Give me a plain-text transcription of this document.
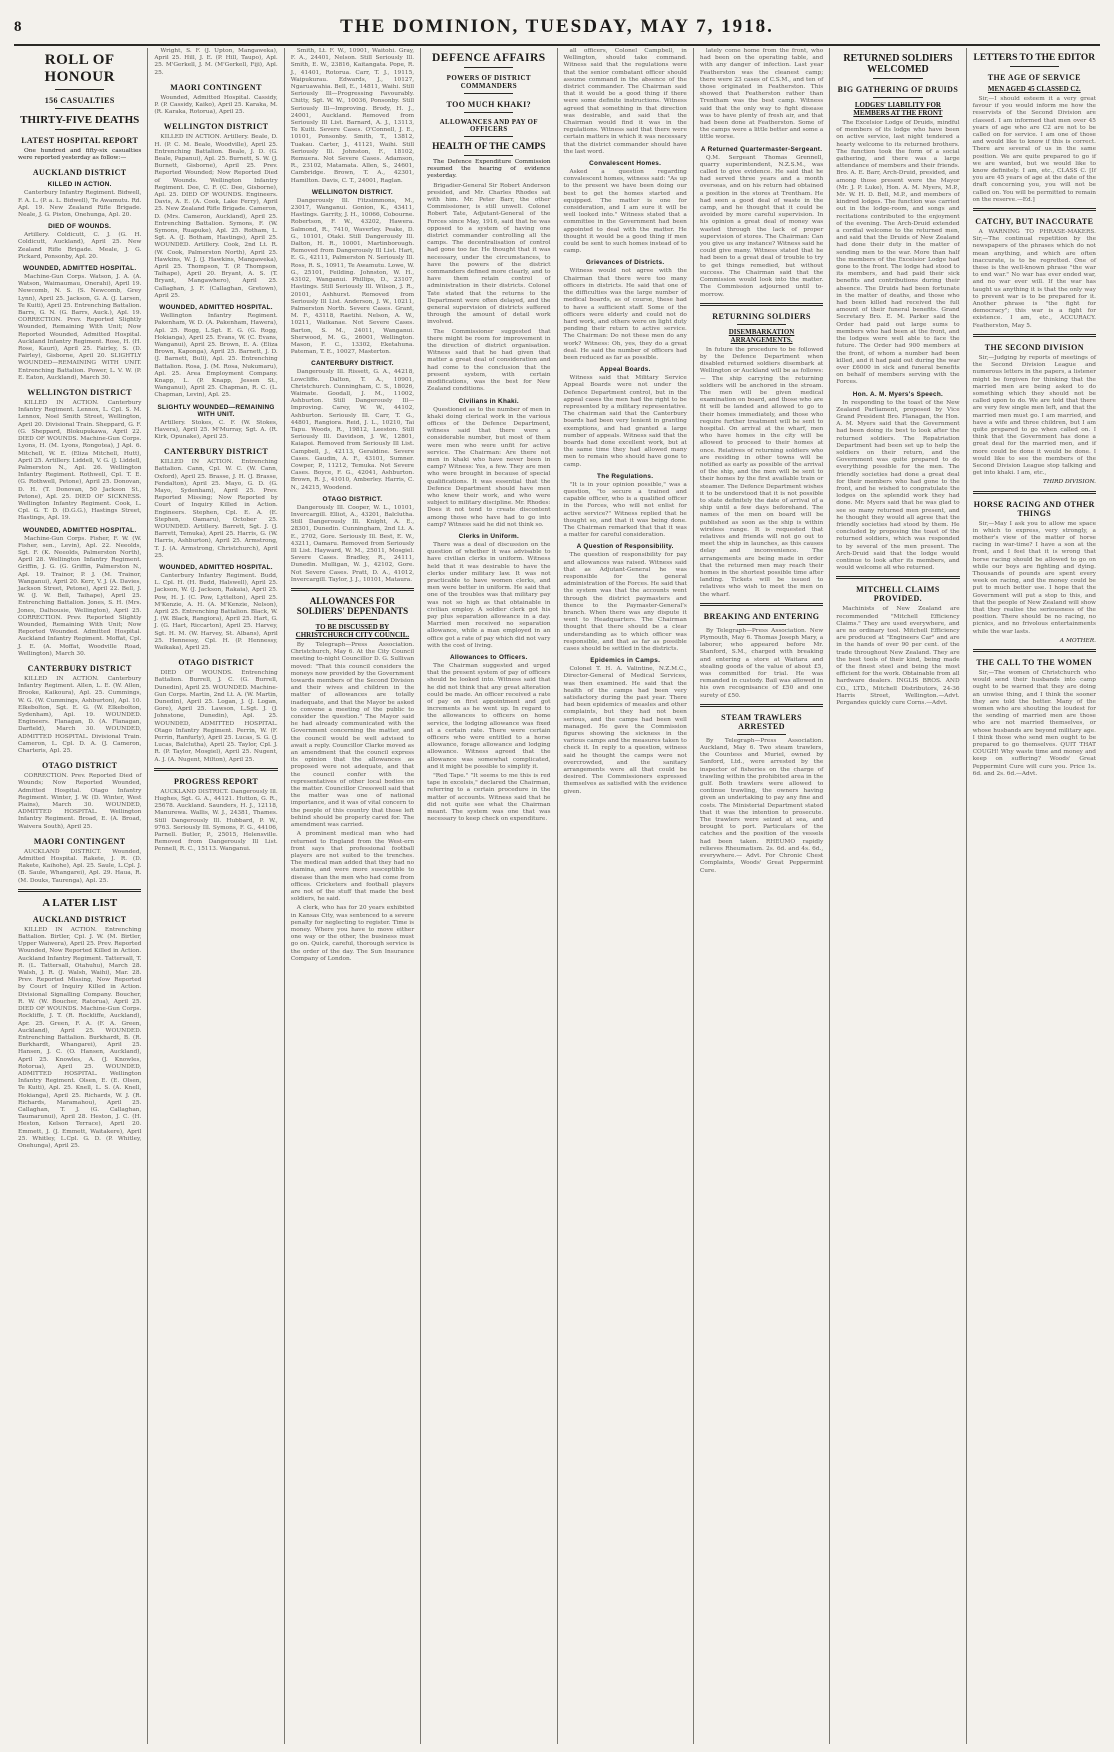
8	THE DOMINION, TUESDAY, MAY 7, 1918.
ROLL OF HONOUR
156 CASUALTIES
THIRTY-FIVE DEATHS
LATEST HOSPITAL REPORT

One hundred and fifty-six casualties were reported yesterday as follow:—

AUCKLAND DISTRICT
KILLED IN ACTION.

Canterbury Infantry Regiment. Bidwell, F. A. L. (P. a. L. Bidwell), Te Awamutu. Rd. Apl. 19. New Zealand Rifle Brigade. Neale, J. G. Piston, Onehunga, Apl. 20.

DIED OF WOUNDS.

Artillery. Coldicutt, C. J. (G. H. Coldicutt, Auckland), April 25. New Zealand Rifle Brigade. Meale, J. G. Pickard, Ponsonby, Apl. 20.

WOUNDED, ADMITTED HOSPITAL.

Machine-Gun Corps. Watson, J. A. (A. Watson, Waimaumau, Onerahi), April 19. Newcomb, N. S. (S. Newcomb, Grey Lynn), April 25. Jackson, G. A. (J. Larsen, Te Kuiti), April 25. Entrenching Battalion. Barrs, G. N. (G. Barrs, Auck.), Apl. 19. CORRECTION. Prev. Reported Slightly Wounded, Remaining With Unit; Now Reported Wounded, Admitted Hospital. Auckland Infantry Regiment. Rose, H. (H. Rose, Kauri), April 25. Fairley, S. (D. Fairley), Gisborne, April 20. SLIGHTLY WOUNDED—REMAINING WITH UNIT. Entrenching Battalion. Power, L. V. W. (P. E. Eaton, Auckland), March 30.

WELLINGTON DISTRICT

KILLED IN ACTION. Canterbury Infantry Regiment. Lennox, L. Cpl. S. M. Lennox, Noel Smith Street, Wellington, April 20. Divisional Train. Sheppard, G. F. (G. Sheppard, Blokupukawa, April 22. DIED OF WOUNDS. Machine-Gun Corps. Lyons, H. (M. Lyons, Rongotea), J Apl. 6. Mitchell, W. E. (Eliza Mitchell, Hutt), April 25. Artillery. Liddell, V. G. (J. Liddell, Palmerston N., Apl. 26. Wellington Infantry Regiment. Rothwell, Cpl. T. E. (G. Rothwell, Petone), April 25. Donovan, D. H. (T. Donovan, 50 Jackson St., Petone), Apl. 25. DIED OF SICKNESS. Wellington Infantry Regiment. Cook, L. Cpl. G. T. D. (D.G.G.), Hastings Street, Hastings, Apl. 19.

WOUNDED, ADMITTED HOSPITAL.

Machine-Gun Corps. Fisher, F. W. (W. Fisher, sen., Levin), Apl. 22. Neeolds, Sgt. F. (K. Neeolds, Palmerston North), April 28. Wellington Infantry Regiment. Griffin, J. G. (G. Griffin, Palmerston N., Apl. 19. Trainor, P. J. (M. Trainor, Wanganui), April 20. Kerr, V. J. (A. Davies, Jackson Street, Petone), April 22. Bell, J. W. (J. W. Bell, Taihape), April 25. Entrenching Battalion. Jones, S. H. (Mrs. Jones, Dalhousie, Wellington), April 25. CORRECTION. Prev. Reported Slightly Wounded, Remaining With Unit; Now Reported Wounded. Admitted Hospital. Auckland Infantry Regiment. Moffat, Cpl. J. E. (A. Moffat, Woodville Road, Wellington), March 30.

CANTERBURY DISTRICT

KILLED IN ACTION. Canterbury Infantry Regiment. Allen, L. E. (W. Allen, Brooke, Kaikoura), Apl. 25. Cummings, W. G. (W. Cummings, Ashburton), Apl. 10. Elkebolton, Sgt. E. G. (W. Elkebolton, Sydenham), Apl. 19. WOUNDED. Engineers. Flanagan, D. (A. Flanagan, Darfield), March 30. WOUNDED, ADMITTED HOSPITAL. Divisional Train. Cameron, L. Cpl. D. A. (J. Cameron, Charteris, Apl. 25.

OTAGO DISTRICT

CORRECTION. Prev. Reported Died of Wounds; Now Reported Wounded, Admitted Hospital. Otago Infantry Regiment. Winter, J. W. (D. Winter, West Plains), March 30. WOUNDED, ADMITTED HOSPITAL. Wellington Infantry Regiment. Broad, E. (A. Broad, Waivera South), April 25.

MAORI CONTINGENT

AUCKLAND DISTRICT. Wounded, Admitted Hospital. Rakete, J. R. (D. Rakete, Kaihohe), Apl. 25. Saule, L.Cpl. J. (B. Saule, Whangarei), Apl. 29. Haua, R. (M. Douks, Taurenga), Apl. 25.

A LATER LIST
AUCKLAND DISTRICT

KILLED IN ACTION. Entrenching Battalion. Birtler, Cpl. J. W. (M. Birtler, Upper Waiwera), April 25. Prev. Reported Wounded, Now Reported Killed in Action. Auckland Infantry Regiment. Tattersall, T. R. (L. Tattersall, Otahuhu), March 28. Walsh, J. R. (J. Walsh, Waihi), Mar. 28. Prev. Reported Missing, Now Reported by Court of Inquiry Killed in Action. Divisional Signalling Company. Boucher, R. W. (W. Boucher, Ratorua), April 25. DIED OF WOUNDS. Machine-Gun Corps. Rockliffe, J. T. (R. Rockliffe, Auckland), Apr. 25. Green, F. A. (F. A. Green, Auckland), April 25. WOUNDED. Entrenching Battalion. Burkhardt, B. (R. Burkhardt, Whangarei), April 25. Hansen, J. C. (O. Hansen, Auckland), April 25. Knowles, A. (J. Knowles, Rotorua), April 25. WOUNDED, ADMITTED HOSPITAL. Wellington Infantry Regiment. Olsen, E. (E. Olsen, Te Kuiti), Apl. 25. Knell, L. S. (A. Knell, Hokianga), April 25. Richards, W. J. (R. Richards, Maramahou), April 25. Callaghan, T. J. (G. Callaghan, Taumarunui), April 28. Heston, J. C. (H. Heston, Kelson Terrace), April 20. Emmett, J. (J. Emmett, Waitakere), April 25. Whitley, L.Cpl. G. D. (P. Whitley, Onehunga), April 25.

Wright, S. F. (J. Upton, Mangaweka), April 25. Hill, J. E. (P. Hill, Taupo), Apl. 25. M'Gerkell, J. M. (M'Gerkell, Fiji), Apl. 25.

MAORI CONTINGENT

Wounded, Admitted Hospital. Cassidy, P. (P. Cassidy, Kaiko), April 25. Karaka, M. (R. Karaka, Rotorua), April 25.

WELLINGTON DISTRICT

KILLED IN ACTION. Artillery. Beale, D. H. (P. C. M. Beale, Woodville), April 25. Entrenching Battalion. Beale, J. D. (G. Beale, Papanui), Apl. 25. Burnett, S. W. (J. Burnett, Gisborne), April 25. Prev. Reported Wounded; Now Reported Died of Wounds. Wellington Infantry Regiment. Dee, C. F. (C. Dee, Gisborne), Apl. 25. DIED OF WOUNDS. Engineers. Davis, A. E. (A. Cook, Lake Ferry), April 25. New Zealand Rifle Brigade. Cameron, D. (Mrs. Cameron, Auckland), April 25. Entrenching Battalion. Symons, F. (W. Symons, Ruapuke), Apl. 25. Rotham, L. Sgt. A. (J. Botham, Hastings), April 25. WOUNDED. Artillery. Cook, 2nd Lt. R. (W. Cook, Palmerston North), April 25. Hawkins, W. J. (J. Hawkins, Mangaweka), April 25. Thompson, T. (P. Thompson, Taihape), April 20. Bryant, A. S. (T. Bryant, Mangawhero), April 25. Callaghan, J. F. (Callaghan, Gretown), April 25.

WOUNDED, ADMITTED HOSPITAL.

Wellington Infantry Regiment. Pakenham, W. D. (A. Pakenham, Hawera), Apl. 25. Rogg, L.Sgt. E. G. (G. Rogg, Hokianga), April 25. Evans, W. (C. Evans, Wanganui), April 25. Brown, E. A. (Eliza Brown, Kaponga), April 25. Barnett, J. D. (J. Barnett, Bull), Apl. 25. Entrenching Battalion. Rosa, J. (M. Rosa, Nukumaru), Apl. 25. Area Employment Company. Knapp, L. (P. Knapp, Jessen St., Wanganui), April 25. Chapman, R. C. (L. Chapman, Levin), Apl. 25.

SLIGHTLY WOUNDED—REMAINING WITH UNIT.

Artillery. Stokes, C. F. (W. Stokes, Havera), April 25. M'Murray, Sgt. A. (R. Kirk, Opunake), April 25.

CANTERBURY DISTRICT

KILLED IN ACTION. Entrenching Battalion. Cann, Cpl. W. C. (W. Cann, Oxford), April 25. Brasse, J. H. (J. Brasse, Fendalton), April 25. Mayo, G. D. (G. Mayo, Sydenham), April 25. Prev. Reported Missing; Now Reported by Court of Inquiry Killed in Action. Engineers. Stephen, Cpl. E. A. (E. Stephen, Oamaru), October 25. WOUNDED. Artillery. Barrett, Sgt. J. (J. Barrett, Temuka), April 25. Harris, G. (W. Harris, Ashburton), April 25. Armstrong, T. J. (A. Armstrong, Christchurch), April 25.

WOUNDED, ADMITTED HOSPITAL.

Canterbury Infantry Regiment. Budd, L. Cpl. H. (H. Budd, Halswell), April 25. Jackson, W. (J. Jackson, Rakaia), April 25. Pow, H. J. (C. Pow, Lyttelton), April 25. M'Kenzie, A. H. (A. M'Kenzie, Nelson), April 25. Entrenching Battalion. Black, W. J. (W. Black, Rangiora), April 25. Hart, G. J. (G. Hart, Riccarton), April 25. Harvey, Sgt. H. M. (W. Harvey, St. Albans), April 25. Hennessy, Cpl. H. (P. Hennessy, Waikaka), April 25.

OTAGO DISTRICT

DIED OF WOUNDS. Entrenching Battalion. Burrell, J. C. (G. Burrell, Dunedin), April 25. WOUNDED. Machine-Gun Corps. Martin, 2nd Lt. A. (W. Martin, Dunedin), April 25. Logan, J. (J. Logan, Gore), April 25. Lawson, L.Sgt. J. (J. Johnstone, Dunedin), Apl. 25. WOUNDED, ADMITTED HOSPITAL. Otago Infantry Regiment. Perrin, W. (F. Perrin, Ranfurly), April 25. Lucas, S. G. (J. Lucas, Balclutha), April 25. Taylor, Cpl. J. R. (P. Taylor, Mosgiel), April 25. Nugent, A. J. (A. Nugent, Milton), April 25.

PROGRESS REPORT

AUCKLAND DISTRICT. Dangerously Ill. Hughes, Sgt. G. A., 44121. Hutton, G. R., 25678. Auckland. Saunders, H. J., 12118, Manurewa. Wallis, W. J., 24381, Thames. Still Dangerously Ill. Hubbard, P. W., 9763. Seriously Ill. Symons, F. G., 44106, Parnell. Butler, P., 25015, Helensville. Removed from Dangerously Ill List. Pennell, R. C., 15113. Wanganui.

Smith, Lt. F. W., 10901, Waitohi. Gray, F. A., 24401, Nelson. Still Seriously Ill. Smith, E. W., 23816, Kaitangata. Pope, R. J., 41401, Rotorua. Carr, T. J., 19115, Waipukurau. Edwards, J., 10127, Ngaruawahia. Bell, E., 14811, Waihi. Still Seriously Ill—Progressing Favourably. Chitty, Sgt. W. W., 10036, Ponsonby. Still Seriously Ill—Improving. Brody, H. J., 24001, Auckland. Removed from Seriously Ill List. Barnard, A. J., 13113, Te Kuiti. Severe Cases. O'Connell, J. E., 10101, Ponsonby. Smith, T., 13812, Tuakau. Carter, J., 41121, Waihi. Still Seriously Ill. Johnston, F., 18102, Remuera. Not Severe Cases. Adamson, R., 23102, Matamata. Allen, S., 24601, Cambridge. Brown, T. A., 42301, Hamilton. Davis, C. T., 24001, Raglan.

WELLINGTON DISTRICT.

Dangerously Ill. Fitzsimmons, M., 23017, Wanganui. Gonion, K., 43411, Hastings. Garrity, J. H., 10066, Cobourne. Robertson, F. W., 43202, Hawera. Salmond, R., 7410, Waverley. Peake, D. G., 10101, Otaki. Still Dangerously Ill. Dalton, H. R., 10001, Martinborough. Removed from Dangerously Ill List. Hart, E. G., 42111, Palmerston N. Seriously Ill. Ross, R. S., 10911, Te Awamutu. Lowe, W. G., 25101, Feilding. Johnston, W. H., 43102, Wanganui. Phillips, D., 23107, Hastings. Still Seriously Ill. Wilson, J. R., 20101, Ashhurst. Removed from Seriously Ill List. Anderson, J. W., 10211, Palmerston North. Severe Cases. Grant, M. F., 43118, Raetihi. Nelson, A. W., 10211, Waikanae. Not Severe Cases. Barton, S. M., 24011, Wanganui. Sherwood, M. G., 26001, Wellington. Mason, F. C., 13302, Eketahuna. Pateman, T. E., 10027, Masterton.

CANTERBURY DISTRICT.

Dangerously Ill. Rissett, G. A., 44218, Lowcliffe. Dalton, T. A., 10901, Christchurch. Cunningham, C. S., 18026, Waimate. Goodall, J. M., 11002, Ashburton. Still Dangerously Ill—Improving. Carey, W. W., 44102, Ashburton. Seriously Ill. Carr, T. G., 44801, Rangiora. Reid, J. L., 10210, Tai Tapu. Woods, R., 19812, Leeston. Still Seriously Ill. Davidson, J. W., 12801, Kaiapoi. Removed from Seriously Ill List. Campbell, J., 42113, Geraldine. Severe Cases. Gaudin, A. F., 43101, Sumner. Cowper, P., 11212, Temuka. Not Severe Cases. Boyce, F. G., 42041, Ashburton. Brown, R. J., 41010, Amberley. Harris, C. N., 24215, Woodend.

OTAGO DISTRICT.

Dangerously Ill. Cooper, W. L., 10101, Invercargill. Elliot, A., 43201, Balclutha. Still Dangerously Ill. Knight, A. E., 28301, Dunedin. Cunningham, 2nd Lt. A. E., 2702, Gore. Seriously Ill. Best, E. W., 43211, Oamaru. Removed from Seriously Ill List. Hayward, W. M., 25011, Mosgiel. Severe Cases. Bradley, R., 24111, Dunedin. Mulligan, W. J., 42102, Gore. Not Severe Cases. Pratt, D. A., 41012, Invercargill. Taylor, J. J., 10101, Mataura.

ALLOWANCES FOR SOLDIERS' DEPENDANTS
TO BE DISCUSSED BY CHRISTCHURCH CITY COUNCIL.

By Telegraph—Press Association. Christchurch, May 6. At the City Council meeting to-night Councillor D. G. Sullivan moved: "That this council considers the moneys now provided by the Government towards members of the Second Division and their wives and children in the matter of allowances are totally inadequate, and that the Mayor be asked to convene a meeting of the public to consider the question." The Mayor said he had already communicated with the Government concerning the matter, and the council would be well advised to await a reply. Councillor Clarke moved as an amendment that the council express its opinion that the allowances as proposed were not adequate, and that the council confer with the representatives of other local bodies on the matter. Councillor Cresswell said that the matter was one of national importance, and it was of vital concern to the people of this country that those left behind should be properly cared for. The amendment was carried.

A prominent medical man who had returned to England from the West-ern front says that professional football players are not suited to the trenches. The medical man added that they had no stamina, and were more susceptible to disease than the men who had come from offices. Cricketers and football players are not of the stuff that made the best soldiers, he said.

A clerk, who has for 20 years exhibited in Kansas City, was sentenced to a severe penalty for neglecting to register. Time is money. Where you have to move either one way or the other, the business must go on. Quick, careful, thorough service is the order of the day. The Sun Insurance Company of London.

DEFENCE AFFAIRS
POWERS OF DISTRICT COMMANDERS
TOO MUCH KHAKI?
ALLOWANCES AND PAY OF OFFICERS
HEALTH OF THE CAMPS

The Defence Expenditure Commission resumed the hearing of evidence yesterday.

Brigadier-General Sir Robert Anderson presided, and Mr. Charles Rhodes sat with him. Mr. Peter Barr, the other Commissioner, is still unwell. Colonel Robert Tate, Adjutant-General of the Forces since May, 1916, said that he was opposed to a system of having one district commander controlling all the camps. The decentralisation of control had gone too far. He thought that it was necessary, under the circumstances, to have the powers of the district commanders defined more clearly, and to have them retain control of administration in their districts. Colonel Tate stated that the returns to the Department were often delayed, and the general supervision of districts suffered through the amount of detail work involved.

The Commissioner suggested that there might be room for improvement in the direction of district organisation. Witness said that he had given that matter a great deal of consideration and had come to the conclusion that the present system, with certain modifications, was the best for New Zealand conditions.

Civilians in Khaki.

Questioned as to the number of men in khaki doing clerical work in the various offices of the Defence Department, witness said that there were a considerable number, but most of them were men who were unfit for active service. The Chairman: Are there not men in khaki who have never been in camp? Witness: Yes, a few. They are men who were brought in because of special qualifications. It was essential that the Defence Department should have men who knew their work, and who were subject to military discipline. Mr. Rhodes: Does it not tend to create discontent among those who have had to go into camp? Witness said he did not think so.

Clerks in Uniform.

There was a deal of discussion on the question of whether it was advisable to have civilian clerks in uniform. Witness held that it was desirable to have the clerks under military law. It was not practicable to have women clerks, and men were better in uniform. He said that one of the troubles was that military pay was not so high as that obtainable in civilian employ. A soldier clerk got his pay plus separation allowance in a day. Married men received no separation allowance, while a man employed in an office got a rate of pay which did not vary with the cost of living.

Allowances to Officers.

The Chairman suggested and urged that the present system of pay of officers should be looked into. Witness said that he did not think that any great alteration could be made. An officer received a rate of pay on first appointment and got increments as he went up. In regard to the allowances to officers on home service, the lodging allowance was fixed at a certain rate. There were certain officers who were entitled to a horse allowance, forage allowance and lodging allowance. Witness agreed that the allowance was somewhat complicated, and it might be possible to simplify it.

"Red Tape." "It seems to me this is red tape in excelsis," declared the Chairman, referring to a certain procedure in the matter of accounts. Witness said that he did not quite see what the Chairman meant. The system was one that was necessary to keep check on expenditure.

all officers, Colonel Campbell, in Wellington, should take command. Witness said that the regulations were that the senior combatant officer should assume command in the absence of the district commander. The Chairman said that it would be a good thing if there were some definite instructions. Witness agreed that something in that direction was desirable, and said that the Chairman would find it was in the regulations. Witness said that there were certain matters in which it was necessary that the district commander should have the last word.

Convalescent Homes.

Asked a question regarding convalescent homes, witness said: "As up to the present we have been doing our best to get the homes started and equipped. The matter is one for consideration, and I am sure it will be well looked into." Witness stated that a committee in the Government had been appointed to deal with the matter. He thought it would be a good thing if men could be sent to such homes instead of to camp.

Grievances of Districts.

Witness would not agree with the Chairman that there were too many officers in districts. He said that one of the difficulties was the large number of medical boards, as of course, these had to have a sufficient staff. Some of the officers were elderly and could not do hard work, and others were on light duty pending their return to active service. The Chairman: Do not these men do any work? Witness: Oh, yes, they do a great deal. He said the number of officers had been reduced as far as possible.

Appeal Boards.

Witness said that Military Service Appeal Boards were not under the Defence Department control, but in the appeal cases the men had the right to be represented by a military representative. The chairman said that the Canterbury boards had been very lenient in granting exemptions, and had granted a large number of appeals. Witness said that the boards had done excellent work, but at the same time they had allowed many men to remain who should have gone to camp.

The Regulations.

"It is in your opinion possible," was a question, "to secure a trained and capable officer, who is a qualified officer in the Forces, who will not enlist for active service?" Witness replied that he thought so, and that it was being done. The Chairman remarked that that it was a matter for careful consideration.

A Question of Responsibility.

The question of responsibility for pay and allowances was raised. Witness said that as Adjutant-General he was responsible for the general administration of the Forces. He said that the system was that the accounts went through the district paymasters and thence to the Paymaster-General's branch. When there was any dispute it went to Headquarters. The Chairman thought that there should be a clear understanding as to which officer was responsible, and that as far as possible cases should be settled in the districts.

Epidemics in Camps.

Colonel T. H. A. Valintine, N.Z.M.C., Director-General of Medical Services, was then examined. He said that the health of the camps had been very satisfactory during the past year. There had been epidemics of measles and other complaints, but they had not been serious, and the camps had been well managed. He gave the Commission figures showing the sickness in the various camps and the measures taken to check it. In reply to a question, witness said he thought the camps were not overcrowded, and the sanitary arrangements were all that could be desired. The Commissioners expressed themselves as satisfied with the evidence given.

lately come home from the front, who had been on the operating table, and with any danger of infection. Last year Featherston was the cleanest camp; there were 23 cases of C.S.M., and ten of those originated in Featherston. This showed that Featherston rather than Trentham was the best camp. Witness said that the only way to fight disease was to have plenty of fresh air, and that had been done at Featherston. Some of the camps were a little better and some a little worse.

A Returned Quartermaster-Sergeant.

Q.M. Sergeant Thomas Grennell, quarry superintendent, N.Z.S.M., was called to give evidence. He said that he had served three years and a month overseas, and on his return had obtained a position in the stores at Trentham. He had seen a good deal of waste in the camp, and he thought that it could be avoided by more careful supervision. In his opinion a great deal of money was wasted through the lack of proper supervision of stores. The Chairman: Can you give us any instance? Witness said he could give many. Witness stated that he had been to a great deal of trouble to try to get things remedied, but without success. The Chairman said that the Commission would look into the matter. The Commission adjourned until to-morrow.

RETURNING SOLDIERS
DISEMBARKATION ARRANGEMENTS.

In future the procedure to be followed by the Defence Department when disabled returned soldiers disembark at Wellington or Auckland will be as follows:— The ship carrying the returning soldiers will be anchored in the stream. The men will be given medical examination on board, and those who are fit will be landed and allowed to go to their homes immediately, and those who require further treatment will be sent to hospital. On arrival at the wharf, men who have homes in the city will be allowed to proceed to their homes at once. Relatives of returning soldiers who are residing in other towns will be notified as early as possible of the arrival of the ship, and the men will be sent to their homes by the first available train or steamer. The Defence Department wishes it to be understood that it is not possible to state definitely the date of arrival of a ship until a few days beforehand. The names of the men on board will be published as soon as the ship is within wireless range. It is requested that relatives and friends will not go out to meet the ship in launches, as this causes delay and inconvenience. The arrangements are being made in order that the returned men may reach their homes in the shortest possible time after landing. Tickets will be issued to relatives who wish to meet the men on the wharf.

BREAKING AND ENTERING

By Telegraph—Press Association. New Plymouth, May 6. Thomas Joseph Mary, a laborer, who appeared before Mr. Stanford, S.M., charged with breaking and entering a store at Waitara and stealing goods of the value of about £5, was committed for trial. He was remanded in custody. Bail was allowed in his own recognisance of £50 and one surety of £50.

STEAM TRAWLERS ARRESTED

By Telegraph—Press Association. Auckland, May 6. Two steam trawlers, the Countess and Muriel, owned by Sanford, Ltd., were arrested by the inspector of fisheries on the charge of trawling within the prohibited area in the gulf. Both trawlers were allowed to continue trawling, the owners having given an undertaking to pay any fine and costs. The Ministerial Department stated that it was the intention to prosecute. The trawlers were seized at sea, and brought to port. Particulars of the catches and the position of the vessels had been taken. RHEUMO rapidly relieves Rheumatism. 2s. 6d. and 4s. 6d., everywhere.— Advt. For Chronic Chest Complaints, Woods' Great Peppermint Cure.

RETURNED SOLDIERS WELCOMED
BIG GATHERING OF DRUIDS
LODGES' LIABILITY FOR MEMBERS AT THE FRONT

The Excelsior Lodge of Druids, mindful of members of its lodge who have been on active service, last night tendered a hearty welcome to its returned brothers. The function took the form of a social gathering, and there was a large attendance of members and their friends. Bro. A. E. Barr, Arch-Druid, presided, and among those present were the Mayor (Mr. J. P. Luke), Hon. A. M. Myers, M.P., Mr. W. H. D. Bell, M.P., and members of kindred lodges. The function was carried out in the lodge-room, and songs and recitations contributed to the enjoyment of the evening. The Arch-Druid extended a cordial welcome to the returned men, and said that the Druids of New Zealand had done their duty in the matter of sending men to the war. More than half the members of the Excelsior Lodge had gone to the front. The lodge had stood to its members, and had paid their sick benefits and contributions during their absence. The Druids had been fortunate in the matter of deaths, and those who had been killed had received the full amount of their funeral benefits. Grand Secretary Bro. E. M. Parker said the Order had paid out large sums to members who had been at the front, and the lodges were well able to face the future. The Order had 900 members at the front, of whom a number had been killed, and it had paid out during the war over £6000 in sick and funeral benefits on behalf of members serving with the Forces.

Hon. A. M. Myers's Speech.

In responding to the toast of the New Zealand Parliament, proposed by Vice Grand President Bro. Flanagan, the Hon. A. M. Myers said that the Government had been doing its best to look after the returned soldiers. The Repatriation Department had been set up to help the soldiers on their return, and the Government was quite prepared to do everything possible for the men. The friendly societies had done a great deal for their members who had gone to the front, and he wished to congratulate the lodges on the splendid work they had done. Mr. Myers said that he was glad to see so many returned men present, and he thought they would all agree that the friendly societies had stood by them. He concluded by proposing the toast of the returned soldiers, which was responded to by several of the men present. The Arch-Druid said that the lodge would continue to look after its members, and would welcome all who returned.

MITCHELL CLAIMS PROVIDED.

Machinists of New Zealand are recommended "Mitchell Efficiency Claims." They are used everywhere, and are no ordinary tool. Mitchell Efficiency are produced at "Engineers Car" and are in the hands of over 90 per cent. of the trade throughout New Zealand. They are the best tools of their kind, being made of the finest steel and being the most efficient for the work. Obtainable from all hardware dealers. INGLIS BROS. AND CO., LTD., Mitchell Distributors, 24-36 Harris Street, Wellington.—Advt. Pergandes quickly cure Corns.—Advt.

LETTERS TO THE EDITOR
THE AGE OF SERVICE
MEN AGED 45 CLASSED C2.

Sir,—I should esteem it a very great favour if you would inform me how the reservists of the Second Division are classed. I am informed that men over 45 years of age who are C2 are not to be called on for service. I am one of those and would like to know if this is correct. There are several of us in the same position. We are quite prepared to go if we are wanted, but we would like to know definitely. I am, etc., CLASS C. [If you are 45 years of age at the date of the draft concerning you, you will not be called on. You will be permitted to remain on the reserve.—Ed.]

CATCHY, BUT INACCURATE

A WARNING TO PHRASE-MAKERS. Sir,—The continual repetition by the newspapers of the phrases which do not mean anything, and which are often inaccurate, is to be regretted. One of these is the well-known phrase "the war to end war." No war has ever ended war, and no war ever will. If the war has taught us anything it is that the only way to prevent war is to be prepared for it. Another phrase is "the fight for democracy"; this war is a fight for existence. I am, etc., ACCURACY. Featherston, May 5.

THE SECOND DIVISION

Sir,—Judging by reports of meetings of the Second Division League and numerous letters in the papers, a listener might be forgiven for thinking that the married men are being asked to do something which they should not be called upon to do. We are told that there are very few single men left, and that the married men must go. I am married, and have a wife and three children, but I am quite prepared to go when called on. I think that the Government has done a great deal for the married men, and if more could be done it would be done. I would like to see the members of the Second Division League stop talking and get into khaki. I am, etc.,

THIRD DIVISION.
HORSE RACING AND OTHER THINGS

Sir,—May I ask you to allow me space in which to express, very strongly, a mother's view of the matter of horse racing in war-time? I have a son at the front, and I feel that it is wrong that horse racing should be allowed to go on while our boys are fighting and dying. Thousands of pounds are spent every week on racing, and the money could be put to much better use. I hope that the Government will put a stop to this, and that the people of New Zealand will show that they realise the seriousness of the position. There should be no racing, no picnics, and no frivolous entertainments while the war lasts.

A MOTHER.
THE CALL TO THE WOMEN

Sir,—The women of Christchurch who would send their husbands into camp ought to be warned that they are doing an unwise thing, and I think the sooner they are told the better. Many of the women who are shouting the loudest for the sending of married men are those who are not married themselves, or whose husbands are beyond military age. I think those who send men ought to be prepared to go themselves. QUIT THAT COUGH! Why waste time and money and keep on suffering? Woods' Great Peppermint Cure will cure you. Price 1s. 6d. and 2s. 6d.—Advt.
